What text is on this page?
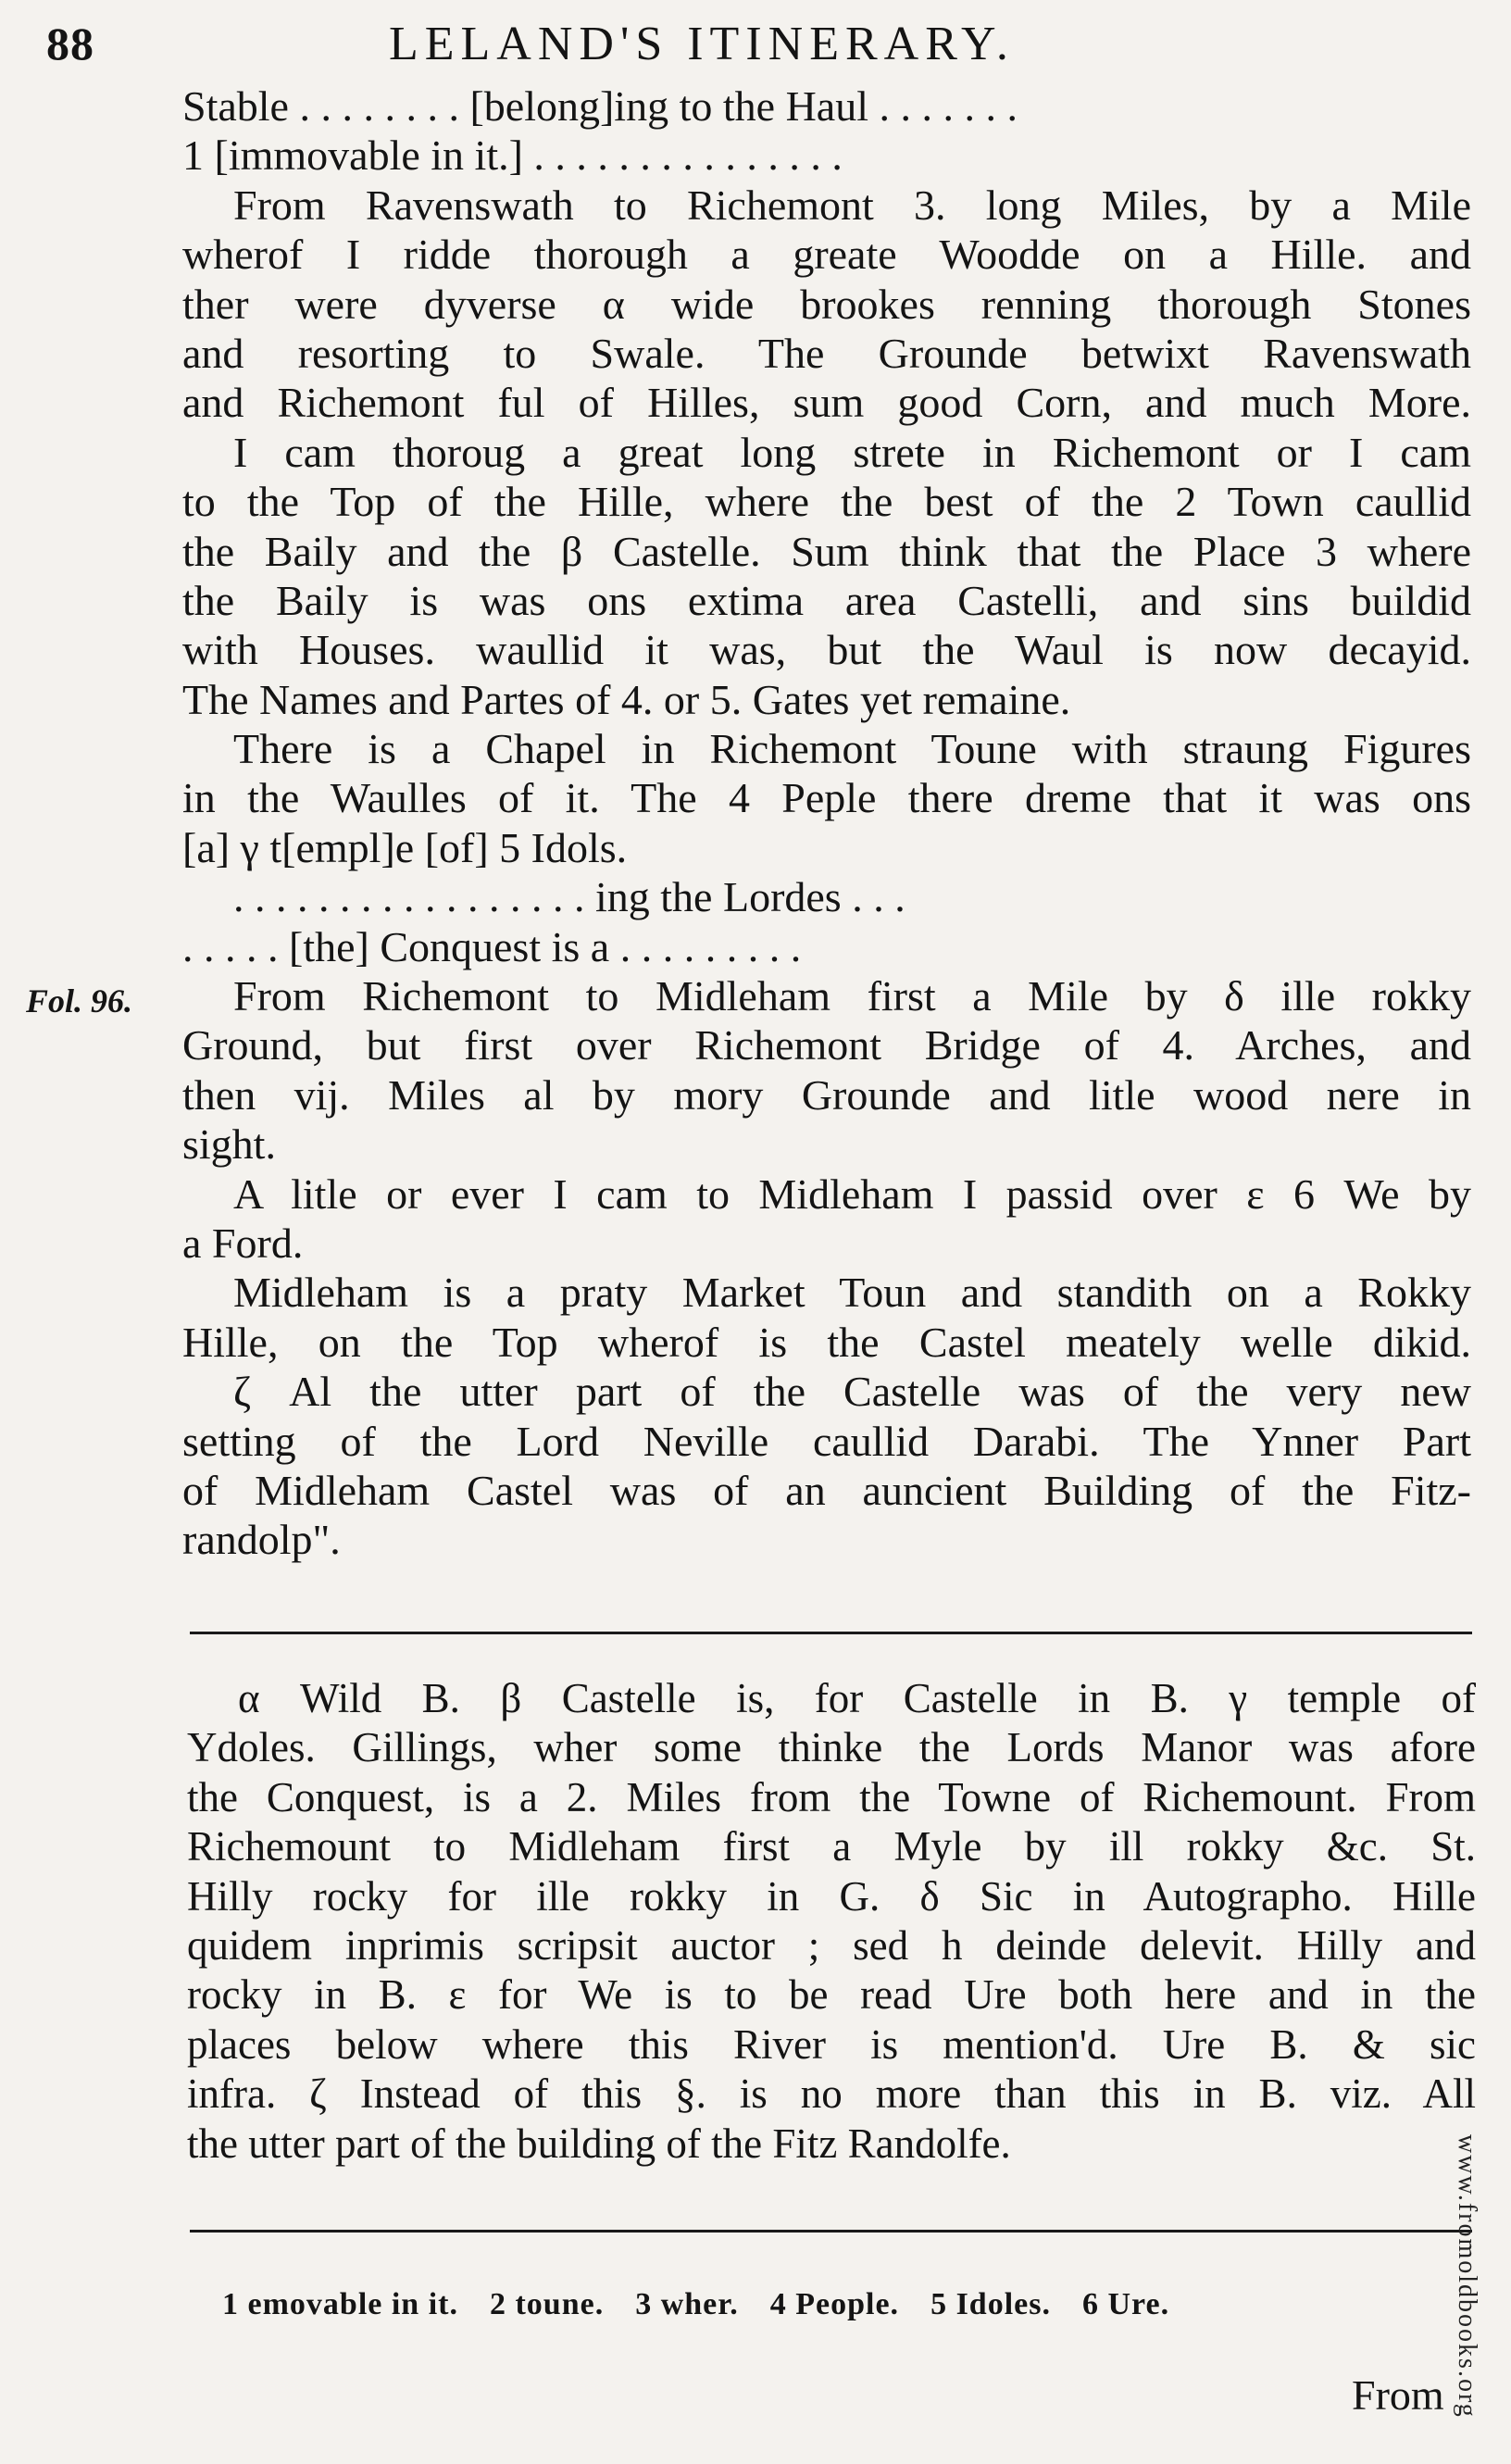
88	LELAND'S ITINERARY.
Fol. 96.
Stable . . . . . . . . [belong]ing to the Haul . . . . . . .
1 [immovable in it.] . . . . . . . . . . . . . . .
From Ravenswath to Richemont 3. long Miles, by a Mile
wherof I ridde thorough a greate Woodde on a Hille. and
ther were dyverse α wide brookes renning thorough Stones
and resorting to Swale. The Grounde betwixt Ravenswath
and Richemont ful of Hilles, sum good Corn, and much More.
I cam thoroug a great long strete in Richemont or I cam
to the Top of the Hille, where the best of the 2 Town caullid
the Baily and the β Castelle. Sum think that the Place 3 where
the Baily is was ons extima area Castelli, and sins buildid
with Houses. waullid it was, but the Waul is now decayid.
The Names and Partes of 4. or 5. Gates yet remaine.
There is a Chapel in Richemont Toune with straung Figures
in the Waulles of it. The 4 Peple there dreme that it was ons
[a] γ t[empl]e [of] 5 Idols.
. . . . . . . . . . . . . . . . . ing the Lordes . . .
. . . . . [the] Conquest is a . . . . . . . . .
From Richemont to Midleham first a Mile by δ ille rokky
Ground, but first over Richemont Bridge of 4. Arches, and
then vij. Miles al by mory Grounde and litle wood nere in
sight.
A litle or ever I cam to Midleham I passid over ε 6 We by
a Ford.
Midleham is a praty Market Toun and standith on a Rokky
Hille, on the Top wherof is the Castel meately welle dikid.
ζ Al the utter part of the Castelle was of the very new
setting of the Lord Neville caullid Darabi. The Ynner Part
of Midleham Castel was of an auncient Building of the Fitz-
randolp".
α Wild B. β Castelle is, for Castelle in B. γ temple of
Ydoles. Gillings, wher some thinke the Lords Manor was afore
the Conquest, is a 2. Miles from the Towne of Richemount. From
Richemount to Midleham first a Myle by ill rokky &c. St.
Hilly rocky for ille rokky in G. δ Sic in Autographo. Hille
quidem inprimis scripsit auctor ; sed h deinde delevit. Hilly and
rocky in B. ε for We is to be read Ure both here and in the
places below where this River is mention'd. Ure B. & sic
infra. ζ Instead of this §. is no more than this in B. viz. All
the utter part of the building of the Fitz Randolfe.
1 emovable in it. 2 toune. 3 wher. 4 People. 5 Idoles. 6 Ure.
From www.fromoldbooks.org
